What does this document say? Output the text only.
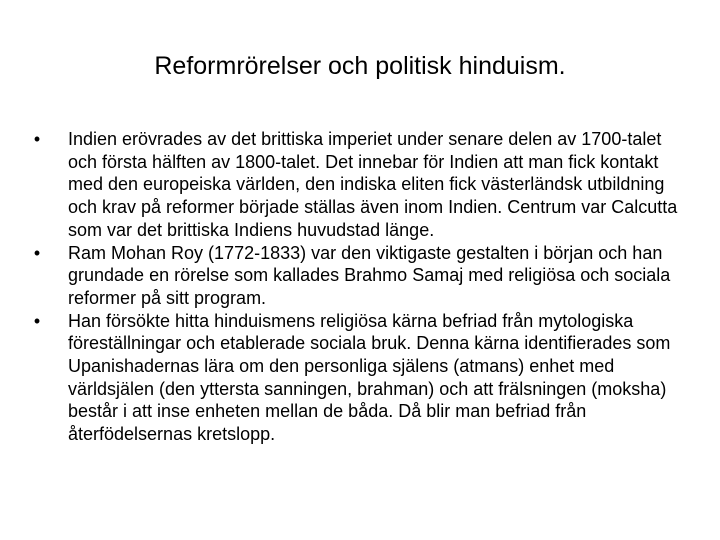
Reformrörelser och politisk hinduism.
• Indien erövrades av det brittiska imperiet under senare delen av 1700-talet och första hälften av 1800-talet. Det innebar för Indien att man fick kontakt med den europeiska världen, den indiska eliten fick västerländsk utbildning och krav på reformer började ställas även inom Indien. Centrum var Calcutta som var det brittiska Indiens huvudstad länge.
• Ram Mohan Roy (1772-1833) var den viktigaste gestalten i början och han grundade en rörelse som kallades Brahmo Samaj med religiösa och sociala reformer på sitt program.
• Han försökte hitta hinduismens religiösa kärna befriad från mytologiska föreställningar och etablerade sociala bruk. Denna kärna identifierades som Upanishadernas lära om den personliga själens (atmans) enhet med världsjälen (den yttersta sanningen, brahman) och att frälsningen (moksha) består i att inse enheten mellan de båda. Då blir man befriad från återfödelsernas kretslopp.
